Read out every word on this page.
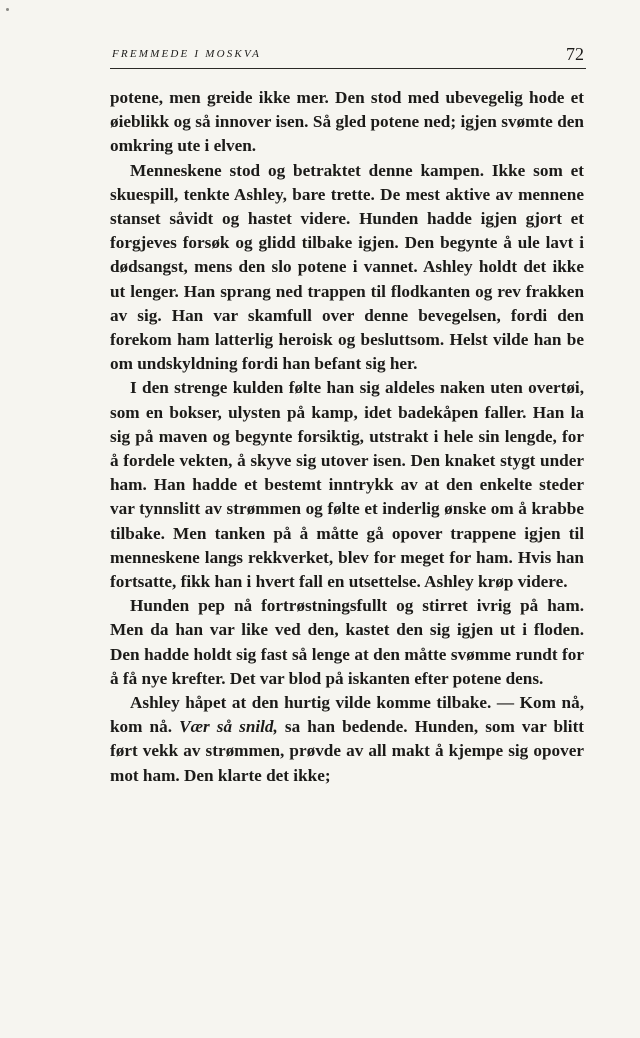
FREMMEDE I MOSKVA	72

potene, men greide ikke mer. Den stod med ubevegelig hode et øieblikk og så innover isen. Så gled potene ned; igjen svømte den omkring ute i elven.

Menneskene stod og betraktet denne kampen. Ikke som et skuespill, tenkte Ashley, bare trette. De mest aktive av mennene stanset såvidt og hastet videre. Hunden hadde igjen gjort et forgjeves forsøk og glidd tilbake igjen. Den begynte å ule lavt i dødsangst, mens den slo potene i vannet. Ashley holdt det ikke ut lenger. Han sprang ned trappen til flodkanten og rev frakken av sig. Han var skamfull over denne bevegelsen, fordi den forekom ham latterlig heroisk og besluttsom. Helst vilde han be om undskyldning fordi han befant sig her.

I den strenge kulden følte han sig aldeles naken uten overtøi, som en bokser, ulysten på kamp, idet badekåpen faller. Han la sig på maven og begynte forsiktig, utstrakt i hele sin lengde, for å fordele vekten, å skyve sig utover isen. Den knaket stygt under ham. Han hadde et bestemt inntrykk av at den enkelte steder var tynnslitt av strømmen og følte et inderlig ønske om å krabbe tilbake. Men tanken på å måtte gå opover trappene igjen til menneskene langs rekkverket, blev for meget for ham. Hvis han fortsatte, fikk han i hvert fall en utsettelse. Ashley krøp videre.

Hunden pep nå fortrøstningsfullt og stirret ivrig på ham. Men da han var like ved den, kastet den sig igjen ut i floden. Den hadde holdt sig fast så lenge at den måtte svømme rundt for å få nye krefter. Det var blod på iskanten efter potene dens.

Ashley håpet at den hurtig vilde komme tilbake. — Kom nå, kom nå. Vær så snild, sa han bedende. Hunden, som var blitt ført vekk av strømmen, prøvde av all makt å kjempe sig opover mot ham. Den klarte det ikke;
